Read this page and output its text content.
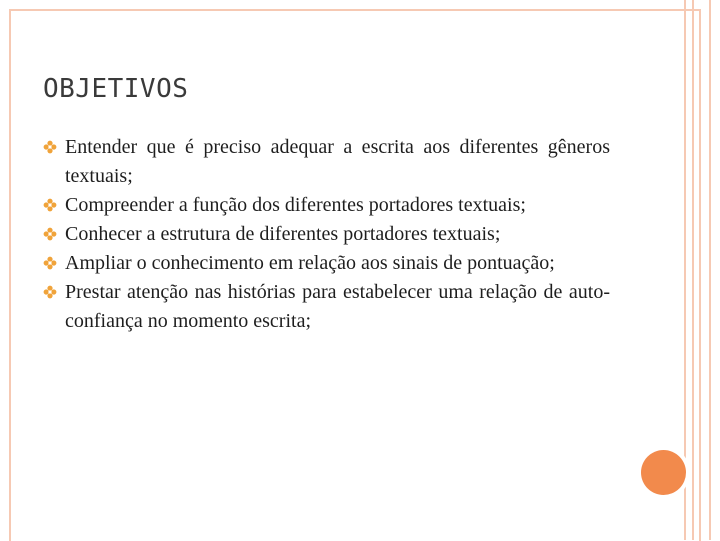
OBJETIVOS
Entender que é preciso adequar a escrita aos diferentes gêneros textuais;
Compreender a função dos diferentes portadores textuais;
Conhecer a estrutura de diferentes portadores textuais;
Ampliar o conhecimento em relação aos sinais de pontuação;
Prestar atenção nas histórias para estabelecer uma relação de auto-confiança no momento escrita;
